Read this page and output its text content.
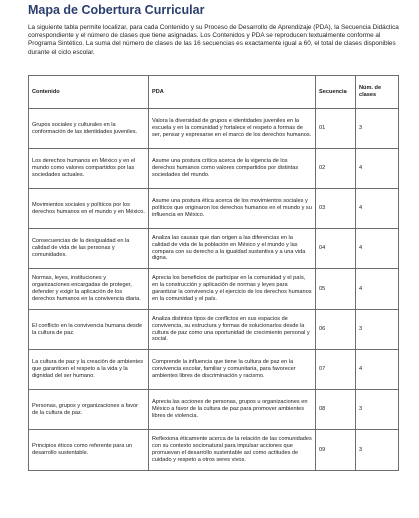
Mapa de Cobertura Curricular
La siguiente tabla permite localizar, para cada Contenido y su Proceso de Desarrollo de Aprendizaje (PDA), la Secuencia Didáctica correspondiente y el número de clases que tiene asignadas. Los Contenidos y PDA se reproducen textualmente conforme al Programa Sintético. La suma del número de clases de las 16 secuencias es exactamente igual a 60, el total de clases disponibles durante el ciclo escolar.
Contenido	PDA	Secuencia	Núm. de clases
Grupos sociales y culturales en la conformación de las identidades juveniles.	Valora la diversidad de grupos e identidades juveniles en la escuela y en la comunidad y fortalece el respeto a formas de ser, pensar y expresarse en el marco de los derechos humanos.	01	3
Los derechos humanos en México y en el mundo como valores compartidos por las sociedades actuales.	Asume una postura crítica acerca de la vigencia de los derechos humanos como valores compartidos por distintas sociedades del mundo.	02	4
Movimientos sociales y políticos por los derechos humanos en el mundo y en México.	Asume una postura ética acerca de los movimientos sociales y políticos que originaron los derechos humanos en el mundo y su influencia en México.	03	4
Consecuencias de la desigualdad en la calidad de vida de las personas y comunidades.	Analiza las causas que dan origen a las diferencias en la calidad de vida de la población en México y el mundo y las compara con su derecho a la igualdad sustantiva y a una vida digna.	04	4
Normas, leyes, instituciones y organizaciones encargadas de proteger, defender y exigir la aplicación de los derechos humanos en la convivencia diaria.	Aprecia los beneficios de participar en la comunidad y el país, en la construcción y aplicación de normas y leyes para garantizar la convivencia y el ejercicio de los derechos humanos en la comunidad y el país.	05	4
El conflicto en la convivencia humana desde la cultura de paz.	Analiza distintos tipos de conflictos en sus espacios de convivencia, su estructura y formas de solucionarlos desde la cultura de paz como una oportunidad de crecimiento personal y social.	06	3
La cultura de paz y la creación de ambientes que garanticen el respeto a la vida y la dignidad del ser humano.	Comprende la influencia que tiene la cultura de paz en la convivencia escolar, familiar y comunitaria, para favorecer ambientes libres de discriminación y racismo.	07	4
Personas, grupos y organizaciones a favor de la cultura de paz.	Aprecia las acciones de personas, grupos u organizaciones en México a favor de la cultura de paz para promover ambientes libres de violencia.	08	3
Principios éticos como referente para un desarrollo sustentable.	Reflexiona éticamente acerca de la relación de las comunidades con su contexto socionatural para impulsar acciones que promuevan el desarrollo sustentable así como actitudes de cuidado y respeto a otros seres vivos.	09	3
